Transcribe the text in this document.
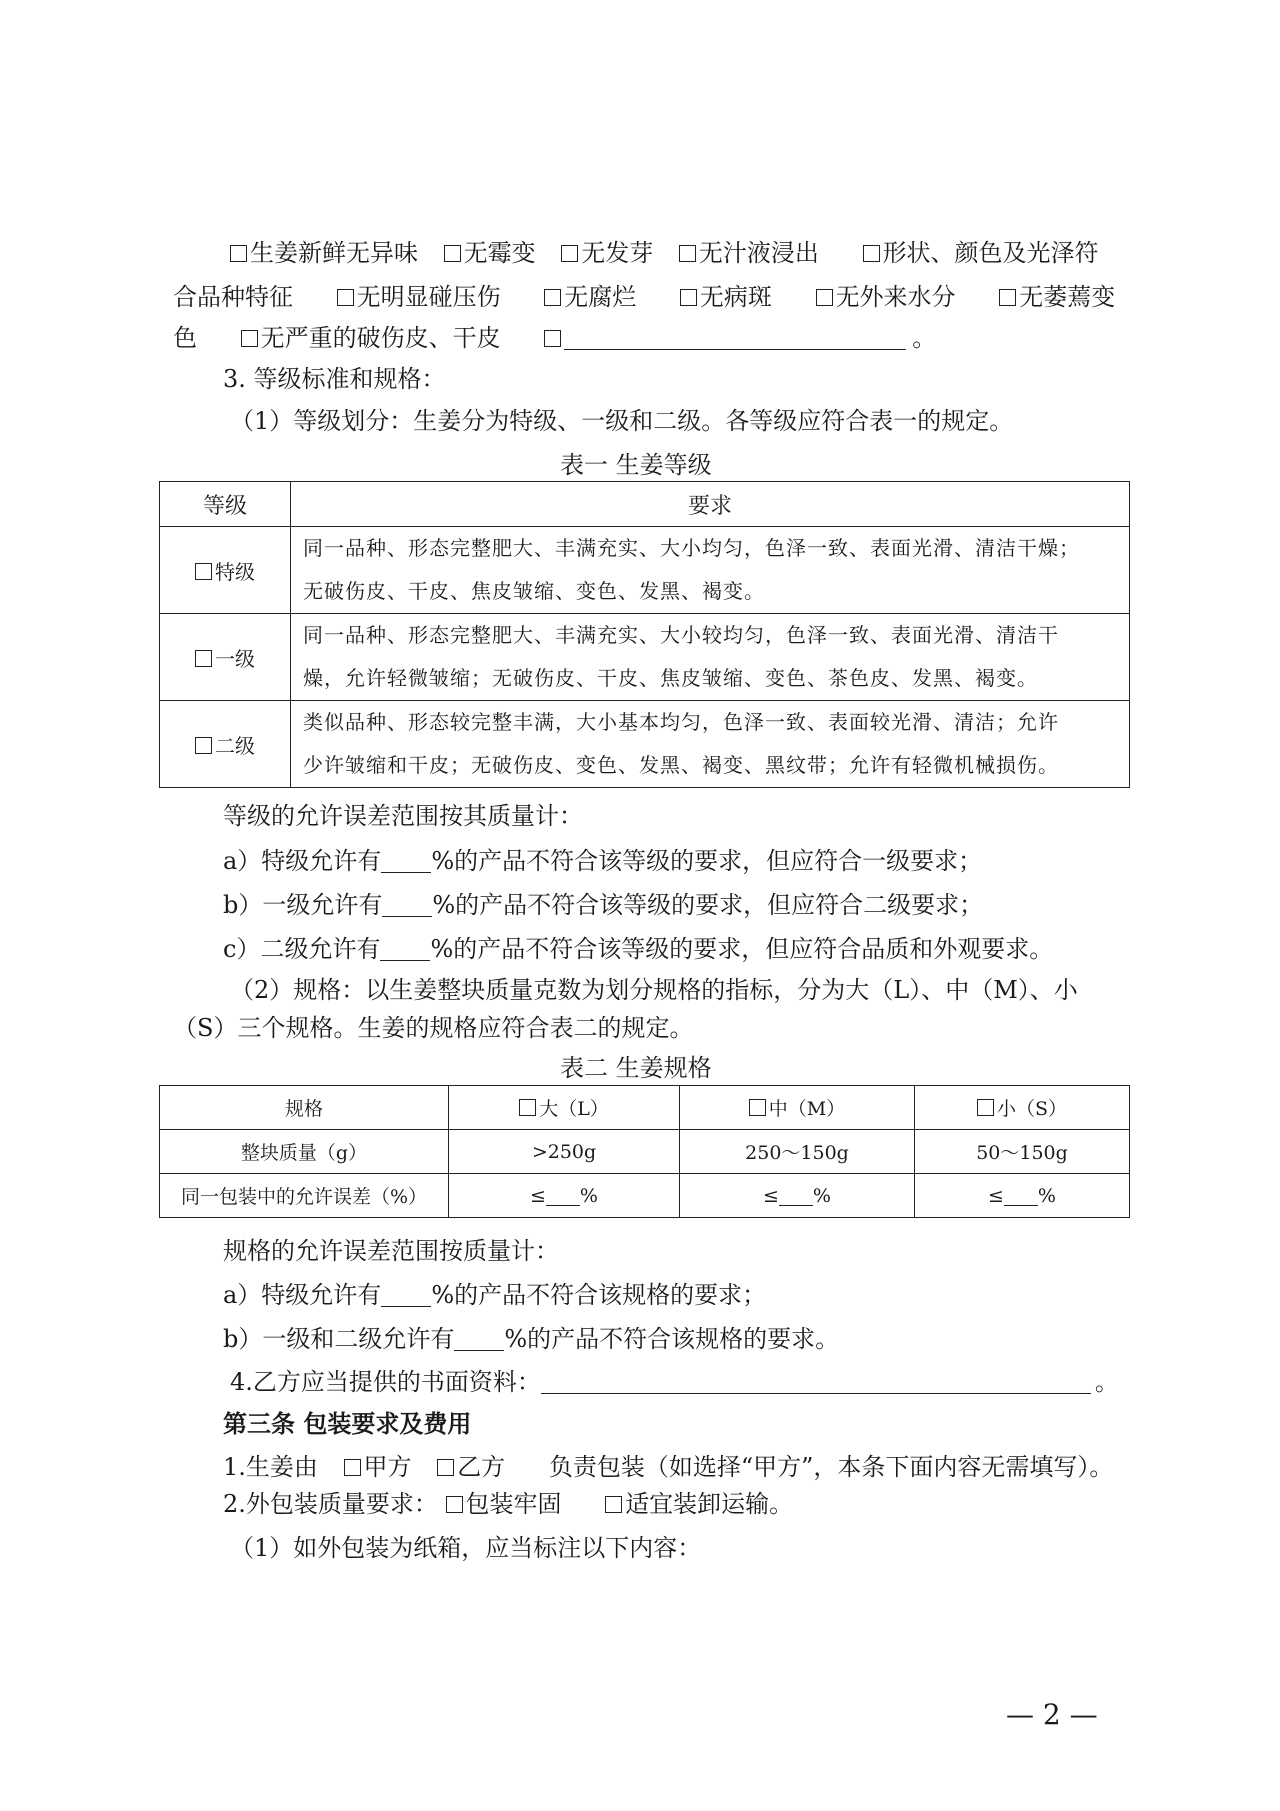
生姜新鲜无异味 无霉变 无发芽 无汁液浸出	形状、颜色及光泽符
合品种特征	无明显碰压伤	无腐烂	无病斑	无外来水分	无萎蔫变
色	无严重的破伤皮、干皮	。
3. 等级标准和规格：
（1）等级划分：生姜分为特级、一级和二级。各等级应符合表一的规定。
表一 生姜等级
等级	要求
特级	同一品种、形态完整肥大、丰满充实、大小均匀，色泽一致、表面光滑、清洁干燥；
无破伤皮、干皮、焦皮皱缩、变色、发黑、褐变。

一级	同一品种、形态完整肥大、丰满充实、大小较均匀，色泽一致、表面光滑、清洁干
燥，允许轻微皱缩；无破伤皮、干皮、焦皮皱缩、变色、茶色皮、发黑、褐变。

二级	类似品种、形态较完整丰满，大小基本均匀，色泽一致、表面较光滑、清洁；允许
少许皱缩和干皮；无破伤皮、变色、发黑、褐变、黑纹带；允许有轻微机械损伤。
等级的允许误差范围按其质量计：
a）特级允许有 %的产品不符合该等级的要求，但应符合一级要求；
b）一级允许有 %的产品不符合该等级的要求，但应符合二级要求；
c）二级允许有 %的产品不符合该等级的要求，但应符合品质和外观要求。
（2）规格：以生姜整块质量克数为划分规格的指标，分为大（L）、中（M）、小
（S）三个规格。生姜的规格应符合表二的规定。
表二 生姜规格
规格	大（L）	中（M）	小（S）
整块质量（g）	>250g	250～150g	50～150g
同一包装中的允许误差（%）	≤ %	≤ %	≤ %
规格的允许误差范围按质量计：
a）特级允许有 %的产品不符合该规格的要求；
b）一级和二级允许有 %的产品不符合该规格的要求。
4.乙方应当提供的书面资料：	。
第三条 包装要求及费用
1.生姜由 甲方 乙方 负责包装（如选择“甲方”，本条下面内容无需填写）。
2.外包装质量要求： 包装牢固	适宜装卸运输。
（1）如外包装为纸箱，应当标注以下内容：
— 2 —
